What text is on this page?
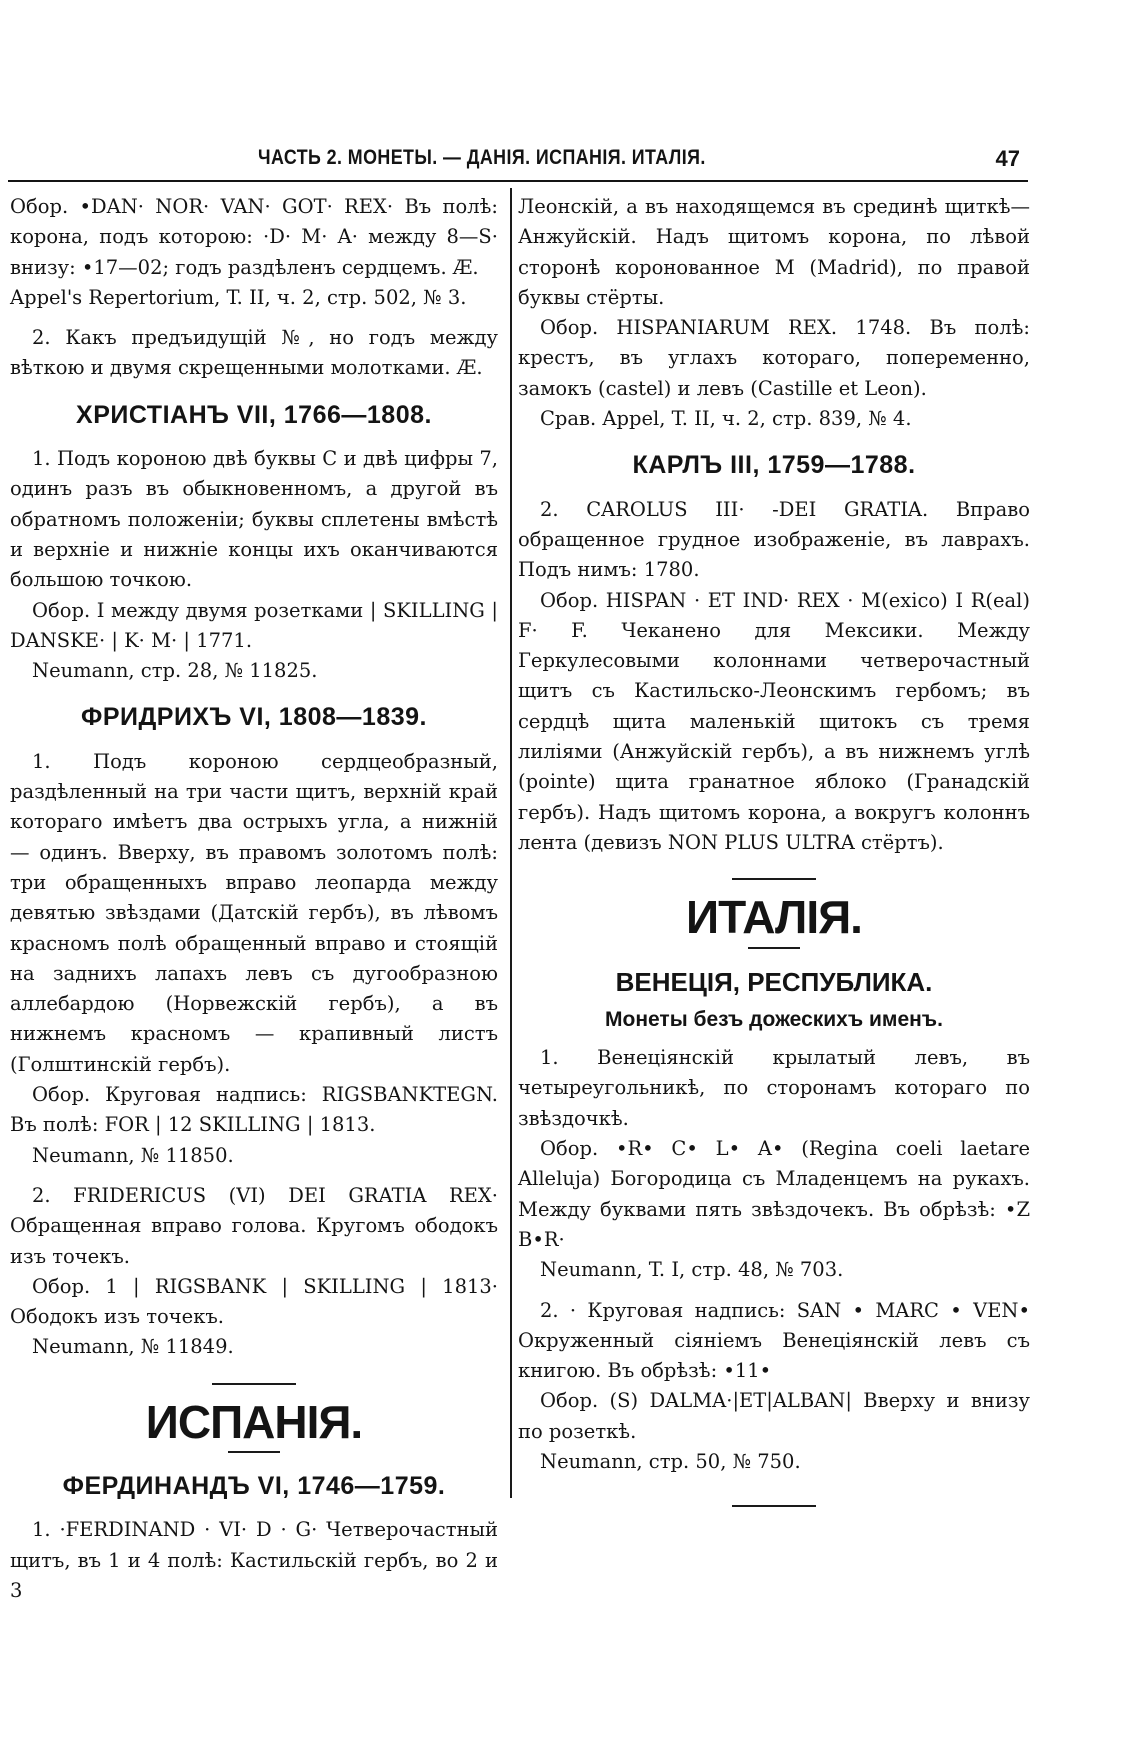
ЧАСТЬ 2. МОНЕТЫ. — ДАНІЯ. ИСПАНІЯ. ИТАЛІЯ.	47

Обор. •DAN· NOR· VAN· GOT· REX· Въ полѣ: корона, подъ которою: ·D· M· A· между 8—S· внизу: •17—02; годъ раздѣленъ сердцемъ. Æ.

Appel's Repertorium, T. II, ч. 2, стр. 502, № 3.

2. Какъ предъидущій №, но годъ между вѣткою и двумя скрещенными молотками. Æ.

ХРИСТІАНЪ VII, 1766—1808.

1. Подъ короною двѣ буквы C и двѣ цифры 7, одинъ разъ въ обыкновенномъ, а другой въ обратномъ положеніи; буквы сплетены вмѣстѣ и верхніе и нижніе концы ихъ оканчиваются большою точкою.

Обор. I между двумя розетками | SKILLING | DANSKE· | K· M· | 1771.

Neumann, стр. 28, № 11825.

ФРИДРИХЪ VI, 1808—1839.

1. Подъ короною сердцеобразный, раздѣленный на три части щитъ, верхній край котораго имѣетъ два острыхъ угла, а нижній — одинъ. Вверху, въ правомъ золотомъ полѣ: три обращенныхъ вправо леопарда между девятью звѣздами (Датскій гербъ), въ лѣвомъ красномъ полѣ обращенный вправо и стоящій на заднихъ лапахъ левъ съ дугообразною аллебардою (Норвежскій гербъ), а въ нижнемъ красномъ — крапивный листъ (Голштинскій гербъ).

Обор. Круговая надпись: RIGSBANKTEGN. Въ полѣ: FOR | 12 SKILLING | 1813.

Neumann, № 11850.

2. FRIDERICUS (VI) DEI GRATIA REX· Обращенная вправо голова. Кругомъ ободокъ изъ точекъ.

Обор. 1 | RIGSBANK | SKILLING | 1813· Ободокъ изъ точекъ.

Neumann, № 11849.

ИСПАНІЯ.
ФЕРДИНАНДЪ VI, 1746—1759.

1. ·FERDINAND · VI· D · G· Четверочастный щитъ, въ 1 и 4 полѣ: Кастильскій гербъ, во 2 и 3

Леонскій, а въ находящемся въ срединѣ щиткѣ—Анжуйскій. Надъ щитомъ корона, по лѣвой сторонѣ коронованное M (Madrid), по правой буквы стёрты.

Обор. HISPANIARUM REX. 1748. Въ полѣ: крестъ, въ углахъ котораго, попеременно, замокъ (castel) и левъ (Castille et Leon).

Срав. Appel, T. II, ч. 2, стр. 839, № 4.

КАРЛЪ III, 1759—1788.

2. CAROLUS III· -DEI GRATIA. Вправо обращенное грудное изображеніе, въ лаврахъ. Подъ нимъ: 1780.

Обор. HISPAN · ET IND· REX · M(exico) I R(eal) F· F. Чеканено для Мексики. Между Геркулесовыми колоннами четверочастный щитъ съ Кастильско-Леонскимъ гербомъ; въ сердцѣ щита маленькій щитокъ съ тремя лиліями (Анжуйскій гербъ), а въ нижнемъ углѣ (pointe) щита гранатное яблоко (Гранадскій гербъ). Надъ щитомъ корона, а вокругъ колоннъ лента (девизъ NON PLUS ULTRA стёртъ).

ИТАЛІЯ.
ВЕНЕЦІЯ, РЕСПУБЛИКА.
Монеты безъ дожескихъ именъ.

1. Венеціянскій крылатый левъ, въ четыреугольникѣ, по сторонамъ котораго по звѣздочкѣ.

Обор. •R• C• L• A• (Regina coeli laetare Alleluja) Богородица съ Младенцемъ на рукахъ. Между буквами пять звѣздочекъ. Въ обрѣзѣ: •Z B•R·

Neumann, T. I, стр. 48, № 703.

2. · Круговая надпись: SAN • MARC • VEN• Окруженный сіяніемъ Венеціянскій левъ съ книгою. Въ обрѣзѣ: •11•

Обор. (S) DALMA·|ET|ALBAN| Вверху и внизу по розеткѣ.

Neumann, стр. 50, № 750.
